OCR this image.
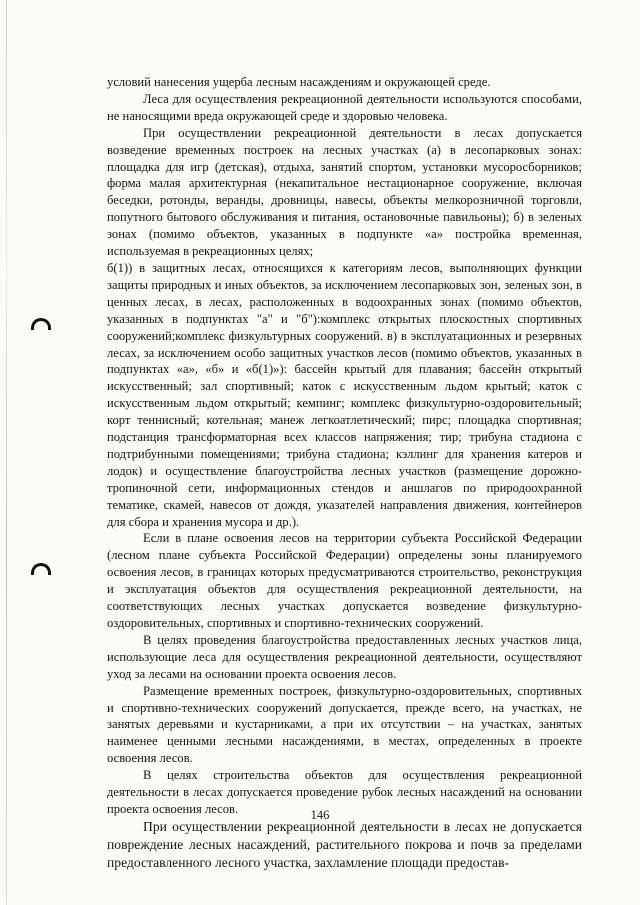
условий нанесения ущерба лесным насаждениям и окружающей среде.

Леса для осуществления рекреационной деятельности используются способами, не наносящими вреда окружающей среде и здоровью человека.

При осуществлении рекреационной деятельности в лесах допускается возведение временных построек на лесных участках (а) в лесопарковых зонах: площадка для игр (детская), отдыха, занятий спортом, установки мусоросборников; форма малая архитектурная (некапитальное нестационарное сооружение, включая беседки, ротонды, веранды, дровницы, навесы, объекты мелкорозничной торговли, попутного бытового обслуживания и питания, остановочные павильоны); б) в зеленых зонах (помимо объектов, указанных в подпункте «а» постройка временная, используемая в рекреационных целях;

б(1)) в защитных лесах, относящихся к категориям лесов, выполняющих функции защиты природных и иных объектов, за исключением лесопарковых зон, зеленых зон, в ценных лесах, в лесах, расположенных в водоохранных зонах (помимо объектов, указанных в подпунктах "а" и "б"):комплекс открытых плоскостных спортивных сооружений;комплекс физкультурных сооружений. в) в эксплуатационных и резервных лесах, за исключением особо защитных участков лесов (помимо объектов, указанных в подпунктах «а», «б» и «б(1)»): бассейн крытый для плавания; бассейн открытый искусственный; зал спортивный; каток с искусственным льдом крытый; каток с искусственным льдом открытый; кемпинг; комплекс физкультурно-оздоровительный; корт теннисный; котельная; манеж легкоатлетический; пирс; площадка спортивная; подстанция трансформаторная всех классов напряжения; тир; трибуна стадиона с подтрибунными помещениями; трибуна стадиона; кэллинг для хранения катеров и лодок) и осуществление благоустройства лесных участков (размещение дорожно-тропиночной сети, информационных стендов и аншлагов по природоохранной тематике, скамей, навесов от дождя, указателей направления движения, контейнеров для сбора и хранения мусора и др.).

Если в плане освоения лесов на территории субъекта Российской Федерации (лесном плане субъекта Российской Федерации) определены зоны планируемого освоения лесов, в границах которых предусматриваются строительство, реконструкция и эксплуатация объектов для осуществления рекреационной деятельности, на соответствующих лесных участках допускается возведение физкультурно-оздоровительных, спортивных и спортивно-технических сооружений.

В целях проведения благоустройства предоставленных лесных участков лица, использующие леса для осуществления рекреационной деятельности, осуществляют уход за лесами на основании проекта освоения лесов.

Размещение временных построек, физкультурно-оздоровительных, спортивных и спортивно-технических сооружений допускается, прежде всего, на участках, не занятых деревьями и кустарниками, а при их отсутствии – на участках, занятых наименее ценными лесными насаждениями, в местах, определенных в проекте освоения лесов.

В целях строительства объектов для осуществления рекреационной деятельности в лесах допускается проведение рубок лесных насаждений на основании проекта освоения лесов.

При осуществлении рекреационной деятельности в лесах не допускается повреждение лесных насаждений, растительного покрова и почв за пределами предоставленного лесного участка, захламление площади предостав-

146
